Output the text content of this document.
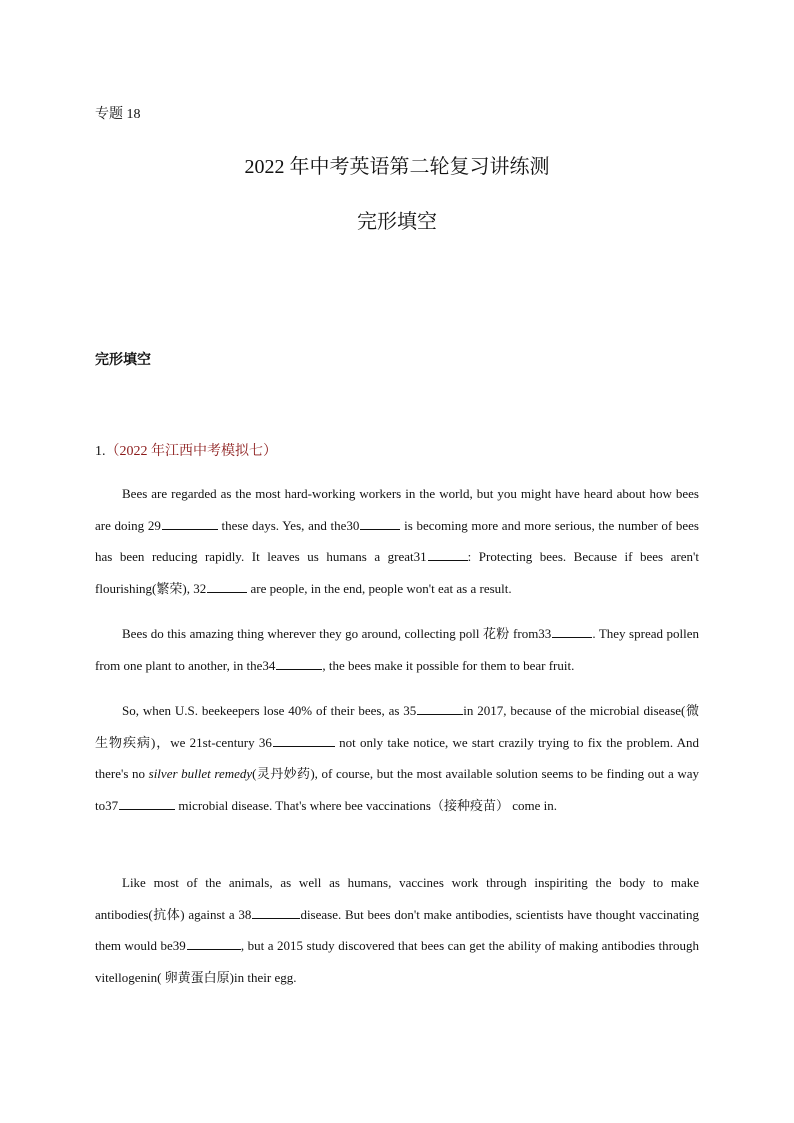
专题 18
2022 年中考英语第二轮复习讲练测
完形填空
完形填空
1.（2022 年江西中考模拟七）

Bees are regarded as the most hard-working workers in the world, but you might have heard about how bees are doing 29	these days. Yes, and the30	is becoming more and more serious, the number of bees has been reducing rapidly. It leaves us humans a great31	: Protecting bees. Because if bees aren't flourishing(繁荣), 32	are people, in the end, people won't eat as a result.

Bees do this amazing thing wherever they go around, collecting poll 花粉 from33	. They spread pollen from one plant to another, in the34	, the bees make it possible for them to bear fruit.

So, when U.S. beekeepers lose 40% of their bees, as 35	in 2017, because of the microbial disease(微生物疾病)，we 21st-century 36	not only take notice, we start crazily trying to fix the problem. And there's no silver bullet remedy(灵丹妙药), of course, but the most available solution seems to be finding out a way to37	microbial disease. That's where bee vaccinations（接种疫苗） come in.

Like most of the animals, as well as humans, vaccines work through inspiriting the body to make antibodies(抗体) against a 38	disease. But bees don't make antibodies, scientists have thought vaccinating them would be39	, but a 2015 study discovered that bees can get the ability of making antibodies through vitellogenin( 卵黄蛋白原)in their egg.
